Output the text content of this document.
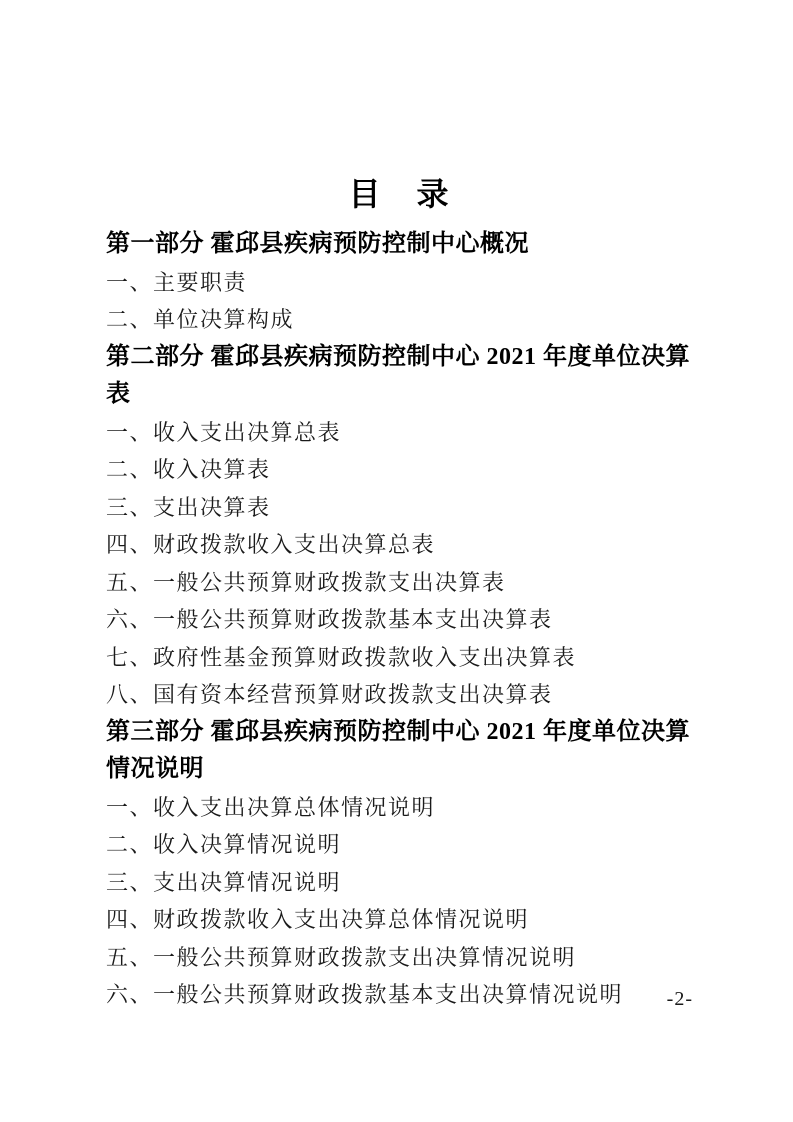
目　录
第一部分 霍邱县疾病预防控制中心概况
一、主要职责
二、单位决算构成
第二部分 霍邱县疾病预防控制中心 2021 年度单位决算
表
一、收入支出决算总表
二、收入决算表
三、支出决算表
四、财政拨款收入支出决算总表
五、一般公共预算财政拨款支出决算表
六、一般公共预算财政拨款基本支出决算表
七、政府性基金预算财政拨款收入支出决算表
八、国有资本经营预算财政拨款支出决算表
第三部分 霍邱县疾病预防控制中心 2021 年度单位决算
情况说明
一、收入支出决算总体情况说明
二、收入决算情况说明
三、支出决算情况说明
四、财政拨款收入支出决算总体情况说明
五、一般公共预算财政拨款支出决算情况说明
六、一般公共预算财政拨款基本支出决算情况说明	-2-
